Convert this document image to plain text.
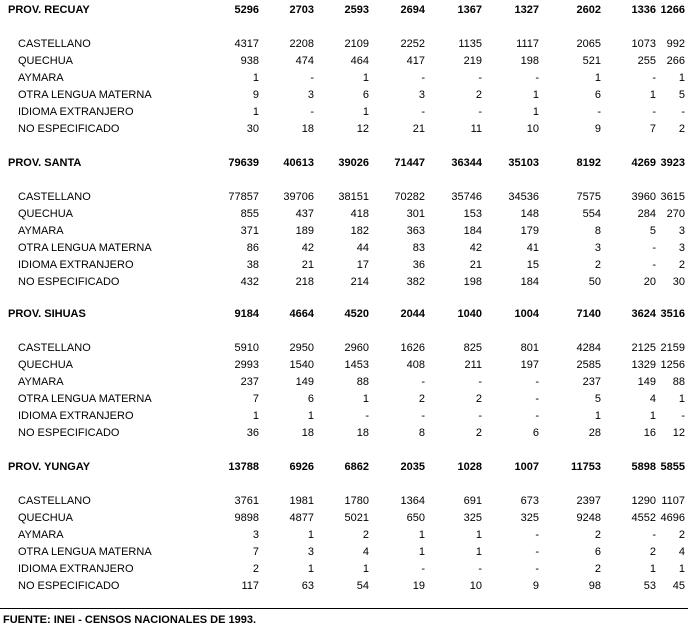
PROV. RECUAY	5296	2703	2593	2694	1367	1327	2602	1336 1266
CASTELLANO	4317	2208	2109	2252	1135	1117	2065	1073 992
QUECHUA	938	474	464	417	219	198	521	255 266
AYMARA	1	-	1	-	-	-	1	-	1
OTRA LENGUA MATERNA	9	3	6	3	2	1	6	1	5
IDIOMA EXTRANJERO	1	-	1	-	-	1	-	-	-
NO ESPECIFICADO	30	18	12	21	11	10	9	7	2
PROV. SANTA	79639	40613	39026	71447	36344	35103	8192	4269 3923
CASTELLANO	77857	39706	38151	70282	35746	34536	7575	3960 3615
QUECHUA	855	437	418	301	153	148	554	284 270
AYMARA	371	189	182	363	184	179	8	5	3
OTRA LENGUA MATERNA	86	42	44	83	42	41	3	-	3
IDIOMA EXTRANJERO	38	21	17	36	21	15	2	-	2
NO ESPECIFICADO	432	218	214	382	198	184	50	20	30
PROV. SIHUAS	9184	4664	4520	2044	1040	1004	7140	3624 3516
CASTELLANO	5910	2950	2960	1626	825	801	4284	2125 2159
QUECHUA	2993	1540	1453	408	211	197	2585	1329 1256
AYMARA	237	149	88	-	-	-	237	149	88
OTRA LENGUA MATERNA	7	6	1	2	2	-	5	4	1
IDIOMA EXTRANJERO	1	1	-	-	-	-	1	1	-
NO ESPECIFICADO	36	18	18	8	2	6	28	16	12
PROV. YUNGAY	13788	6926	6862	2035	1028	1007	11753	5898 5855
CASTELLANO	3761	1981	1780	1364	691	673	2397	1290 1107
QUECHUA	9898	4877	5021	650	325	325	9248	4552 4696
AYMARA	3	1	2	1	1	-	2	-	2
OTRA LENGUA MATERNA	7	3	4	1	1	-	6	2	4
IDIOMA EXTRANJERO	2	1	1	-	-	-	2	1	1
NO ESPECIFICADO	117	63	54	19	10	9	98	53	45
FUENTE: INEI - CENSOS NACIONALES DE 1993.
